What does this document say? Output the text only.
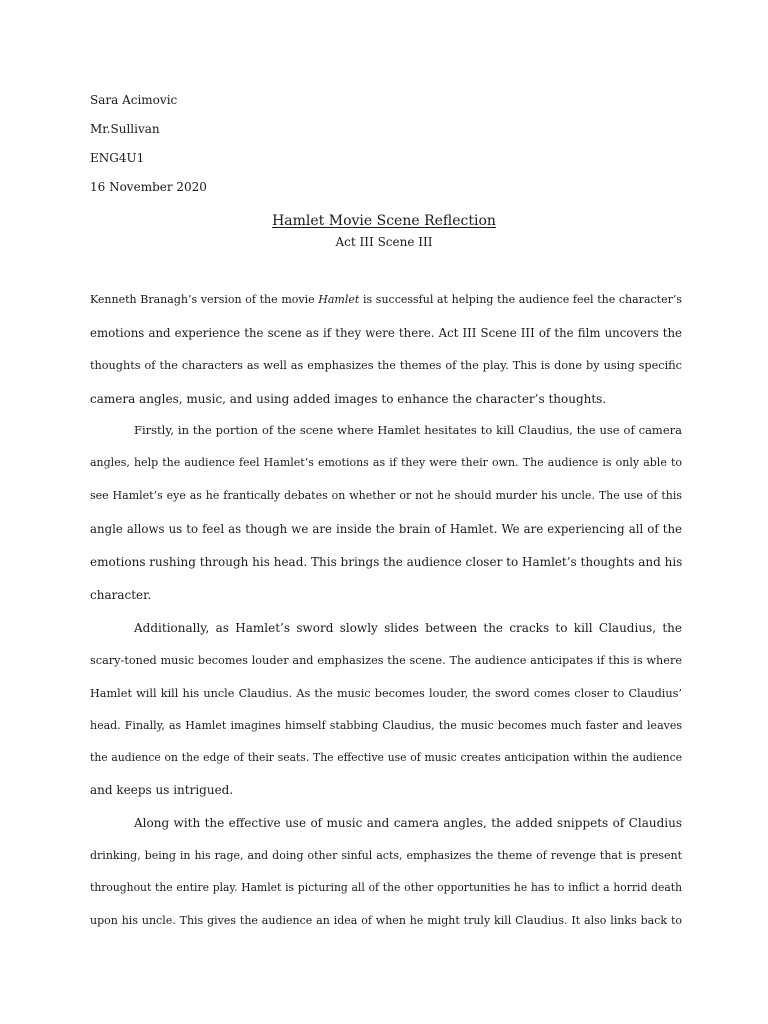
Sara Acimovic
Mr.Sullivan
ENG4U1
16 November 2020
Hamlet Movie Scene Reflection
Act III Scene III
Kenneth Branagh’s version of the movie Hamlet is successful at helping the audience feel the character’s
emotions and experience the scene as if they were there. Act III Scene III of the film uncovers the
thoughts of the characters as well as emphasizes the themes of the play. This is done by using specific
camera angles, music, and using added images to enhance the character’s thoughts.
Firstly, in the portion of the scene where Hamlet hesitates to kill Claudius, the use of camera
angles, help the audience feel Hamlet’s emotions as if they were their own. The audience is only able to
see Hamlet’s eye as he frantically debates on whether or not he should murder his uncle. The use of this
angle allows us to feel as though we are inside the brain of Hamlet. We are experiencing all of the
emotions rushing through his head. This brings the audience closer to Hamlet’s thoughts and his
character.
Additionally, as Hamlet’s sword slowly slides between the cracks to kill Claudius, the
scary-toned music becomes louder and emphasizes the scene. The audience anticipates if this is where
Hamlet will kill his uncle Claudius. As the music becomes louder, the sword comes closer to Claudius’
head. Finally, as Hamlet imagines himself stabbing Claudius, the music becomes much faster and leaves
the audience on the edge of their seats. The effective use of music creates anticipation within the audience
and keeps us intrigued.
Along with the effective use of music and camera angles, the added snippets of Claudius
drinking, being in his rage, and doing other sinful acts, emphasizes the theme of revenge that is present
throughout the entire play. Hamlet is picturing all of the other opportunities he has to inflict a horrid death
upon his uncle. This gives the audience an idea of when he might truly kill Claudius. It also links back to
